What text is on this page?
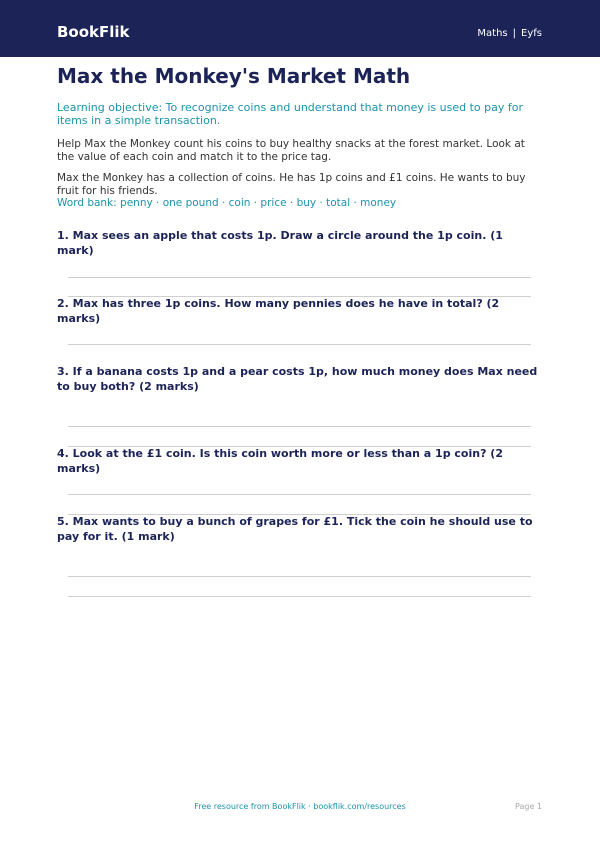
BookFlik	Maths | Eyfs
Max the Monkey's Market Math
Learning objective: To recognize coins and understand that money is used to pay for items in a simple transaction.
Help Max the Monkey count his coins to buy healthy snacks at the forest market. Look at the value of each coin and match it to the price tag.
Max the Monkey has a collection of coins. He has 1p coins and £1 coins. He wants to buy fruit for his friends.
Word bank: penny · one pound · coin · price · buy · total · money
1. Max sees an apple that costs 1p. Draw a circle around the 1p coin. (1 mark)
2. Max has three 1p coins. How many pennies does he have in total? (2 marks)
3. If a banana costs 1p and a pear costs 1p, how much money does Max need to buy both? (2 marks)
4. Look at the £1 coin. Is this coin worth more or less than a 1p coin? (2 marks)
5. Max wants to buy a bunch of grapes for £1. Tick the coin he should use to pay for it. (1 mark)
Free resource from BookFlik · bookflik.com/resources	Page 1
